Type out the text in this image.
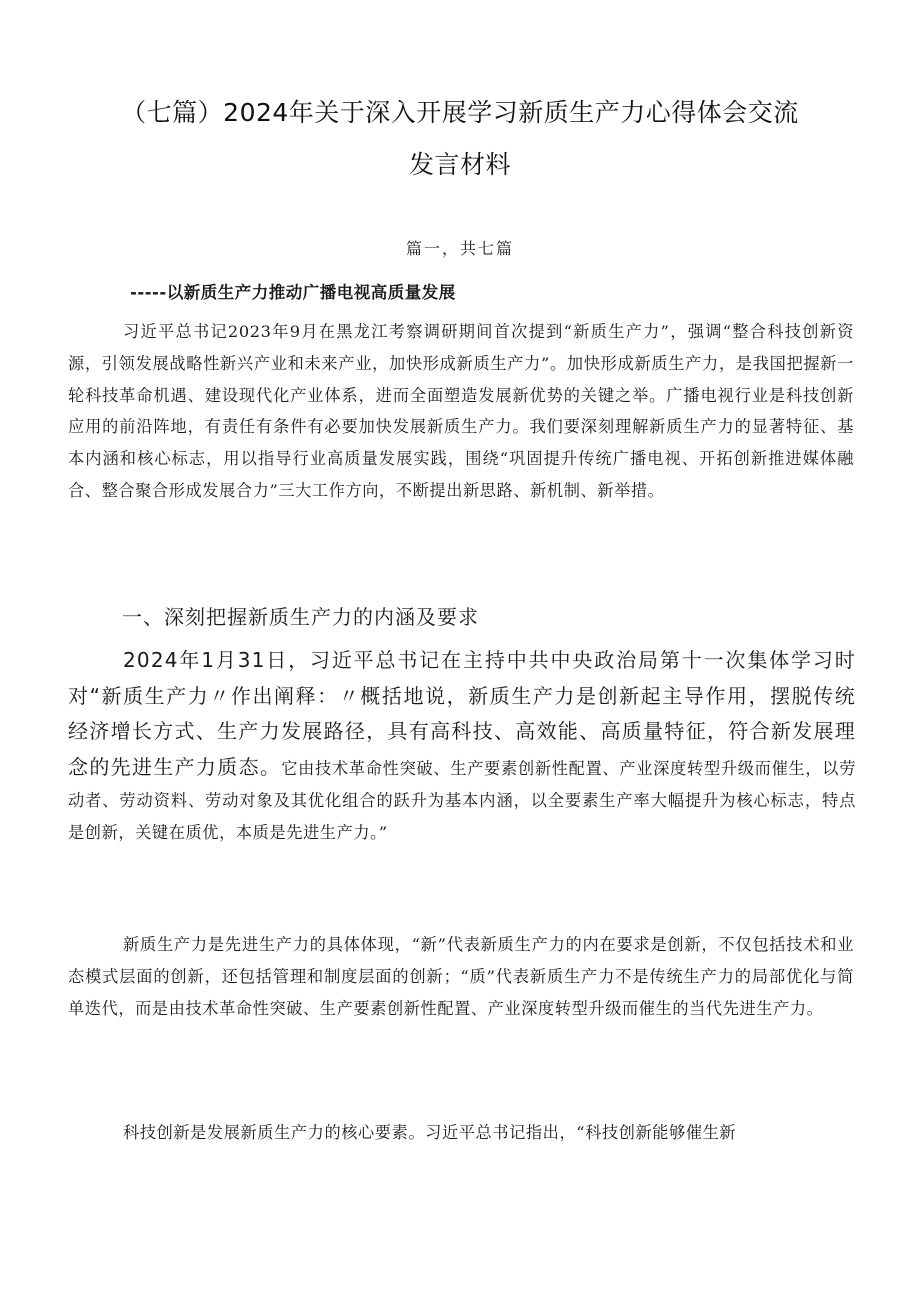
（七篇）2024年关于深入开展学习新质生产力心得体会交流
发言材料
篇一，共七篇
-----以新质生产力推动广播电视高质量发展

习近平总书记2023年9月在黑龙江考察调研期间首次提到“新质生产力”，强调“整合科技创新资源，引领发展战略性新兴产业和未来产业，加快形成新质生产力”。加快形成新质生产力，是我国把握新一轮科技革命机遇、建设现代化产业体系，进而全面塑造发展新优势的关键之举。广播电视行业是科技创新应用的前沿阵地，有责任有条件有必要加快发展新质生产力。我们要深刻理解新质生产力的显著特征、基本内涵和核心标志，用以指导行业高质量发展实践，围绕“巩固提升传统广播电视、开拓创新推进媒体融合、整合聚合形成发展合力”三大工作方向，不断提出新思路、新机制、新举措。

一、深刻把握新质生产力的内涵及要求

2024年1月31日，习近平总书记在主持中共中央政治局第十一次集体学习时对“新质生产力〃作出阐释：〃概括地说，新质生产力是创新起主导作用，摆脱传统经济增长方式、生产力发展路径，具有高科技、高效能、高质量特征，符合新发展理念的先进生产力质态。它由技术革命性突破、生产要素创新性配置、产业深度转型升级而催生，以劳动者、劳动资料、劳动对象及其优化组合的跃升为基本内涵，以全要素生产率大幅提升为核心标志，特点是创新，关键在质优，本质是先进生产力。”

新质生产力是先进生产力的具体体现，“新”代表新质生产力的内在要求是创新，不仅包括技术和业态模式层面的创新，还包括管理和制度层面的创新；“质”代表新质生产力不是传统生产力的局部优化与简单迭代，而是由技术革命性突破、生产要素创新性配置、产业深度转型升级而催生的当代先进生产力。

科技创新是发展新质生产力的核心要素。习近平总书记指出，“科技创新能够催生新
